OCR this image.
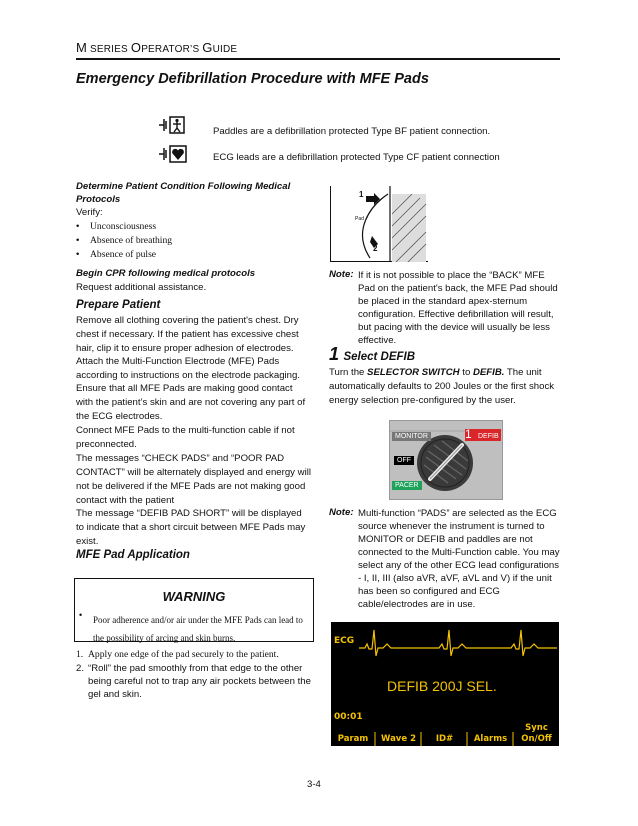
M SERIES OPERATOR’S GUIDE
Emergency Defibrillation Procedure with MFE Pads
Paddles are a defibrillation protected Type BF patient connection.
ECG leads are a defibrillation protected Type CF patient connection
Determine Patient Condition Following Medical Protocols
Verify:
• Unconsciousness
• Absence of breathing
• Absence of pulse
Begin CPR following medical protocols
Request additional assistance.
Prepare Patient
Remove all clothing covering the patient's chest. Dry chest if necessary. If the patient has excessive chest hair, clip it to ensure proper adhesion of electrodes.
Attach the Multi-Function Electrode (MFE) Pads according to instructions on the electrode packaging.
Ensure that all MFE Pads are making good contact with the patient’s skin and are not covering any part of the ECG electrodes.
Connect MFE Pads to the multi-function cable if not preconnected.
The messages “CHECK PADS” and “POOR PAD CONTACT” will be alternately displayed and energy will not be delivered if the MFE Pads are not making good contact with the patient
The message “DEFIB PAD SHORT” will be displayed to indicate that a short circuit between MFE Pads may exist.
MFE Pad Application
WARNING
• Poor adherence and/or air under the MFE Pads can lead to the possibility of arcing and skin burns.
1. Apply one edge of the pad securely to the patient.
2. “Roll” the pad smoothly from that edge to the other being careful not to trap any air pockets between the gel and skin.
1
2
Pad
Note: If it is not possible to place the “BACK” MFE Pad on the patient's back, the MFE Pad should be placed in the standard apex-sternum configuration. Effective defibrillation will result, but pacing with the device will usually be less effective.
1 Select DEFIB
Turn the SELECTOR SWITCH to DEFIB. The unit automatically defaults to 200 Joules or the first shock energy selection pre-configured by the user.
MONITOR	1 DEFIB
OFF
PACER
Note: Multi-function “PADS” are selected as the ECG source whenever the instrument is turned to MONITOR or DEFIB and paddles are not connected to the Multi-Function cable. You may select any of the other ECG lead configurations - I, II, III (also aVR, aVF, aVL and V) if the unit has been so configured and ECG cable/electrodes are in use.
ECG
DEFIB 200J SEL.
00:01
Param	Wave 2	ID#	Alarms
Sync
On/Off
3-4
